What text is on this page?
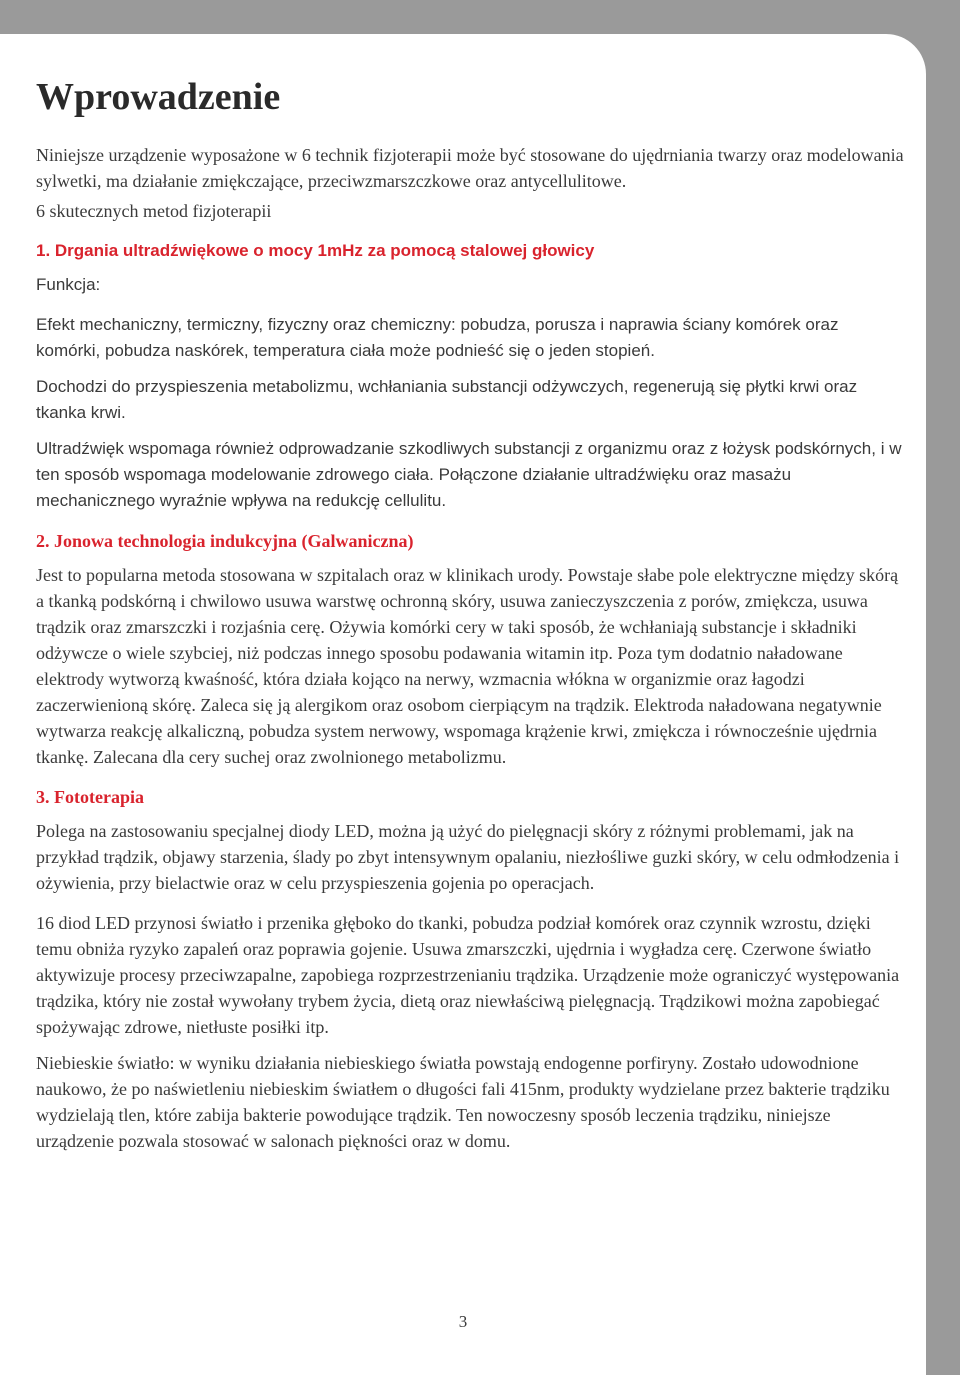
Wprowadzenie

Niniejsze urządzenie wyposażone w 6 technik fizjoterapii może być stosowane do ujędrniania twarzy oraz modelowania sylwetki, ma działanie zmiękczające, przeciwzmarszczkowe oraz antycellulitowe.

6 skutecznych metod fizjoterapii

1. Drgania ultradźwiękowe o mocy 1mHz za pomocą stalowej głowicy

Funkcja:

Efekt mechaniczny, termiczny, fizyczny oraz chemiczny: pobudza, porusza i naprawia ściany komórek oraz komórki, pobudza naskórek, temperatura ciała może podnieść się o jeden stopień.

Dochodzi do przyspieszenia metabolizmu, wchłaniania substancji odżywczych, regenerują się płytki krwi oraz tkanka krwi.

Ultradźwięk wspomaga również odprowadzanie szkodliwych substancji z organizmu oraz z łożysk podskórnych, i w ten sposób wspomaga modelowanie zdrowego ciała. Połączone działanie ultradźwięku oraz masażu mechanicznego wyraźnie wpływa na redukcję cellulitu.

2. Jonowa technologia indukcyjna (Galwaniczna)

Jest to popularna metoda stosowana w szpitalach oraz w klinikach urody. Powstaje słabe pole elektryczne między skórą a tkanką podskórną i chwilowo usuwa warstwę ochronną skóry, usuwa zanieczyszczenia z porów, zmiękcza, usuwa trądzik oraz zmarszczki i rozjaśnia cerę. Ożywia komórki cery w taki sposób, że wchłaniają substancje i składniki odżywcze o wiele szybciej, niż podczas innego sposobu podawania witamin itp. Poza tym dodatnio naładowane elektrody wytworzą kwaśność, która działa kojąco na nerwy, wzmacnia włókna w organizmie oraz łagodzi zaczerwienioną skórę. Zaleca się ją alergikom oraz osobom cierpiącym na trądzik. Elektroda naładowana negatywnie wytwarza reakcję alkaliczną, pobudza system nerwowy, wspomaga krążenie krwi, zmiękcza i równocześnie ujędrnia tkankę. Zalecana dla cery suchej oraz zwolnionego metabolizmu.

3. Fototerapia

Polega na zastosowaniu specjalnej diody LED, można ją użyć do pielęgnacji skóry z różnymi problemami, jak na przykład trądzik, objawy starzenia, ślady po zbyt intensywnym opalaniu, niezłośliwe guzki skóry, w celu odmłodzenia i ożywienia, przy bielactwie oraz w celu przyspieszenia gojenia po operacjach.

16 diod LED przynosi światło i przenika głęboko do tkanki, pobudza podział komórek oraz czynnik wzrostu, dzięki temu obniża ryzyko zapaleń oraz poprawia gojenie. Usuwa zmarszczki, ujędrnia i wygładza cerę. Czerwone światło aktywizuje procesy przeciwzapalne, zapobiega rozprzestrzenianiu trądzika. Urządzenie może ograniczyć występowania trądzika, który nie został wywołany trybem życia, dietą oraz niewłaściwą pielęgnacją. Trądzikowi można zapobiegać spożywając zdrowe, nietłuste posiłki itp.

Niebieskie światło: w wyniku działania niebieskiego światła powstają endogenne porfiryny. Zostało udowodnione naukowo, że po naświetleniu niebieskim światłem o długości fali 415nm, produkty wydzielane przez bakterie trądziku wydzielają tlen, które zabija bakterie powodujące trądzik. Ten nowoczesny sposób leczenia trądziku, niniejsze urządzenie pozwala stosować w salonach piękności oraz w domu.

3
